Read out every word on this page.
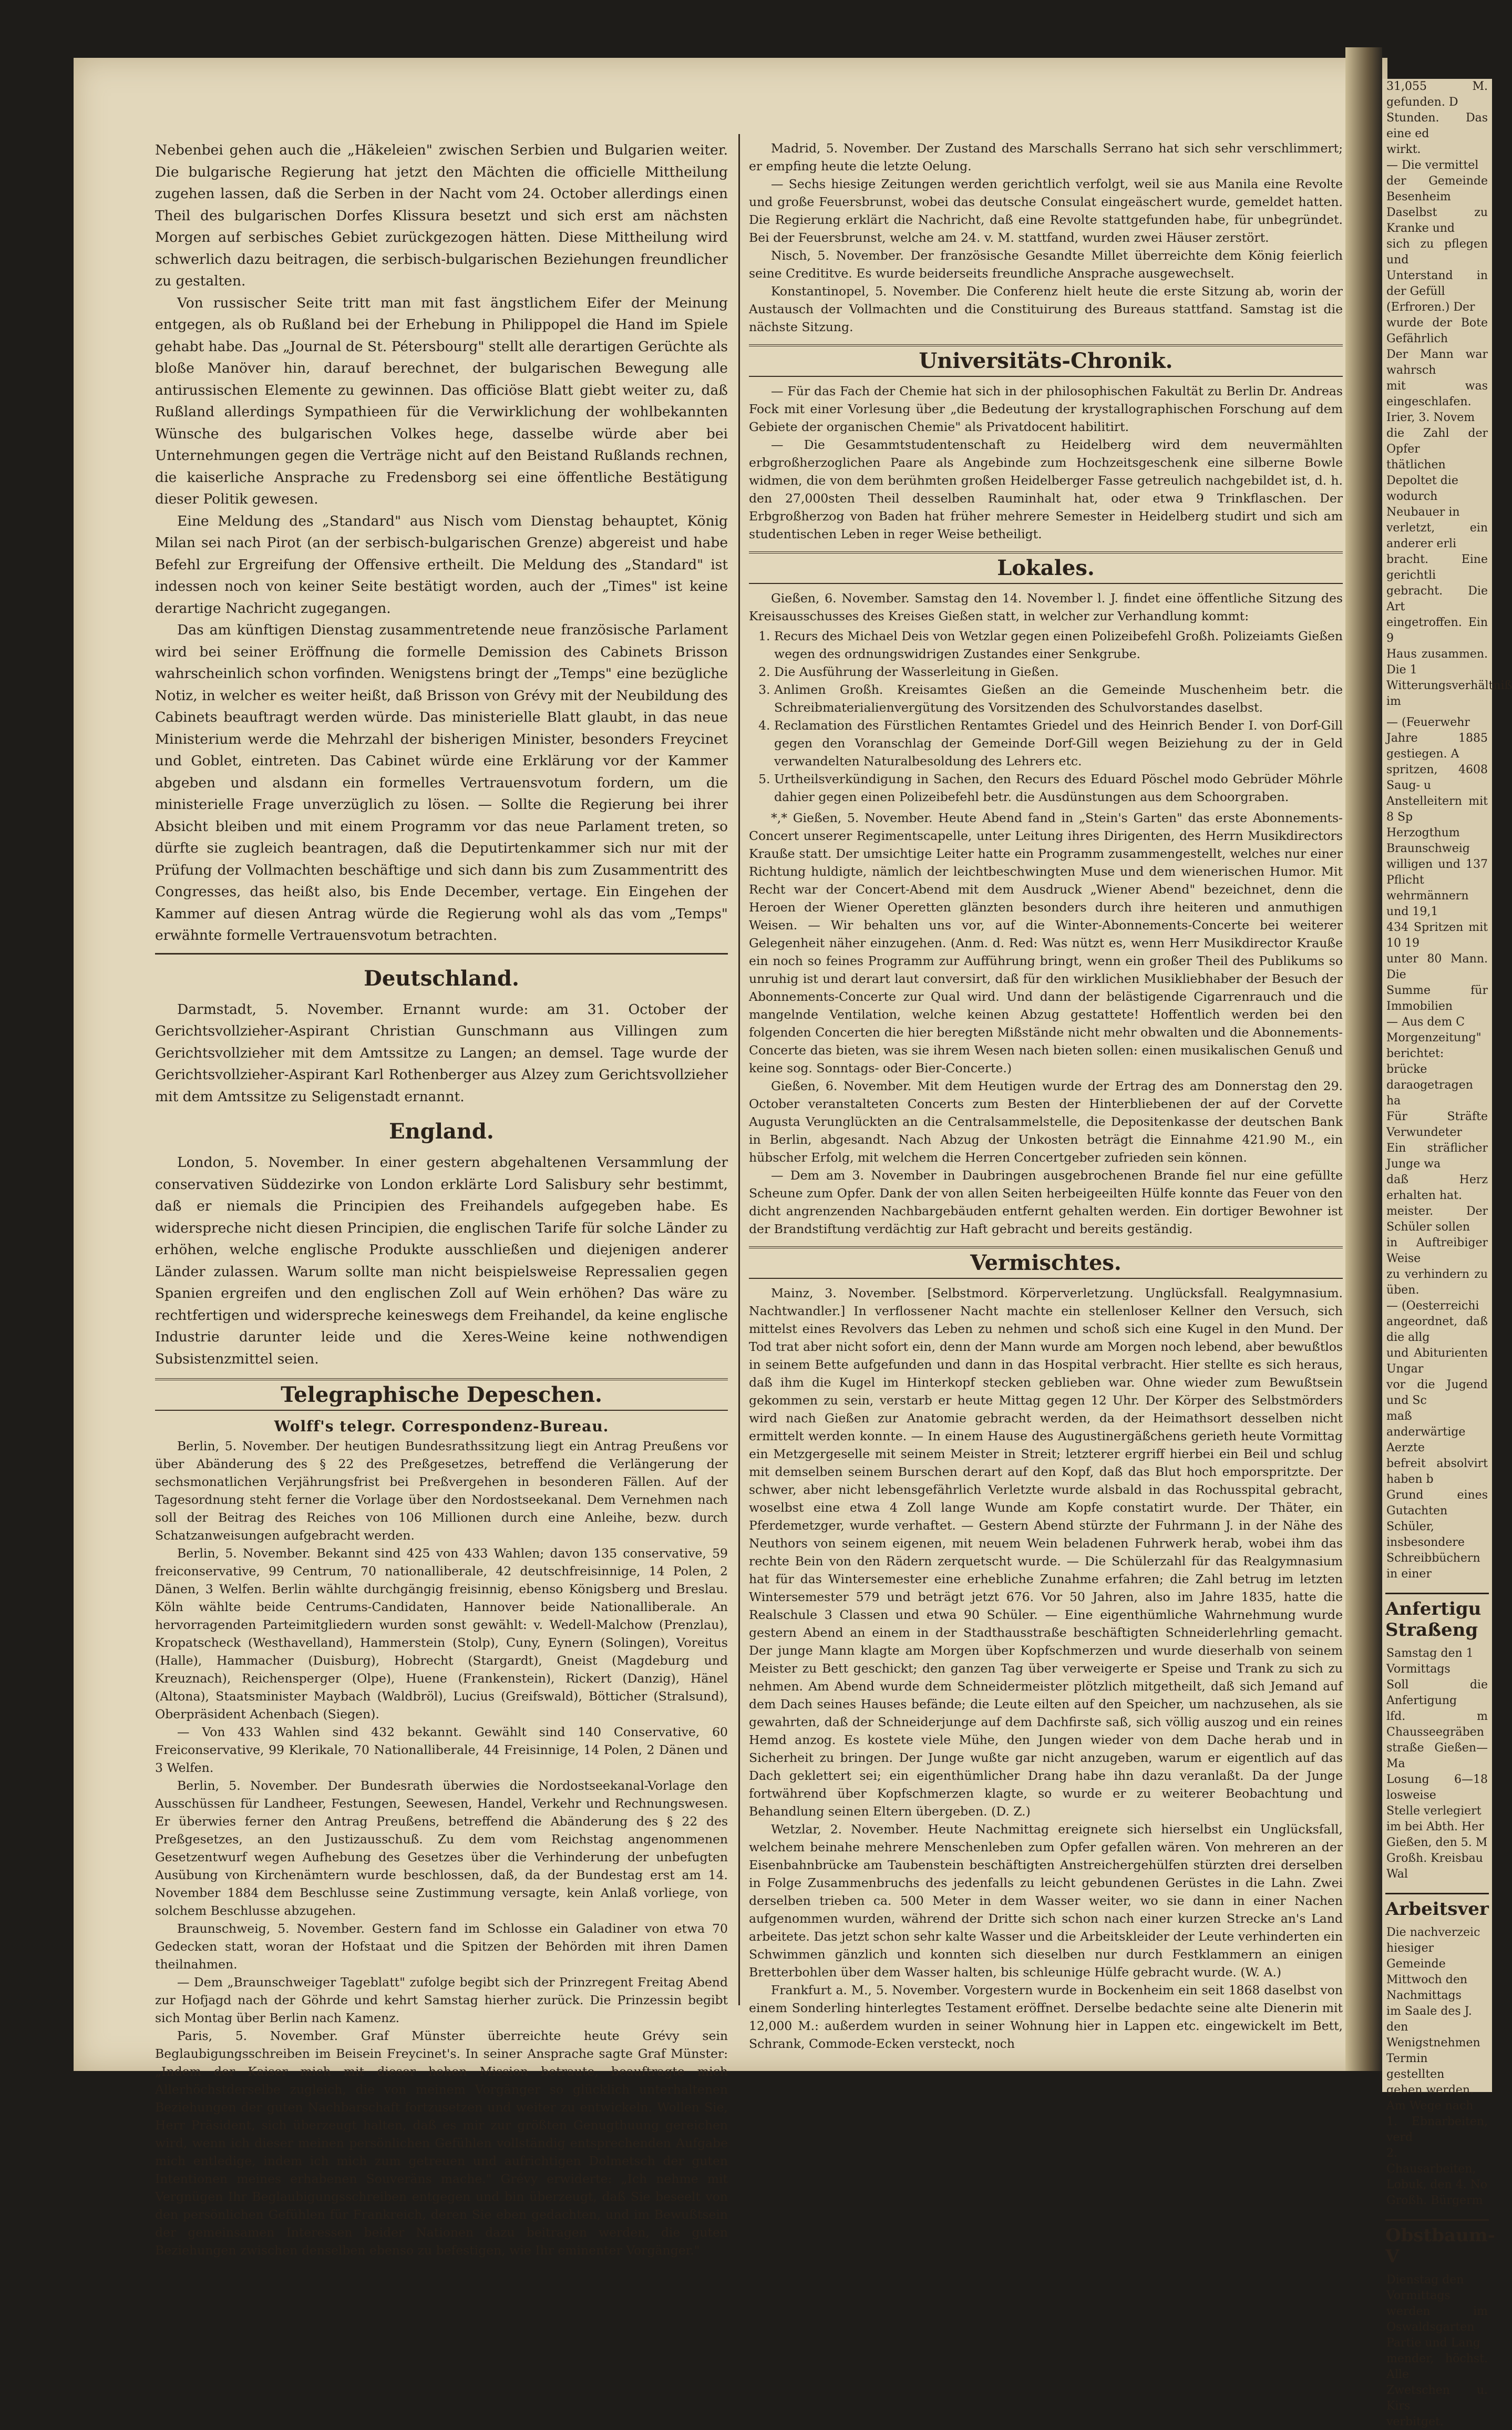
31,055 M. gefunden. D
Stunden. Das eine ed
wirkt.
— Die vermittel
der Gemeinde Besenheim
Daselbst zu Kranke und
sich zu pflegen und
Unterstand in der Gefüll
(Erfroren.) Der
wurde der Bote Gefährlich
Der Mann war wahrsch
mit was eingeschlafen.
Irier, 3. Novem
die Zahl der Opfer
thätlichen Depoltet die
wodurch Neubauer in
verletzt, ein anderer erli
bracht. Eine gerichtli
gebracht. Die Art
eingetroffen. Ein 9
Haus zusammen. Die 1
Witterungsverhältniß im

— (Feuerwehr
Jahre 1885 gestiegen. A
spritzen, 4608 Saug- u
Anstelleitern mit 8 Sp
Herzogthum Braunschweig
willigen und 137 Pflicht
wehrmännern und 19,1
434 Spritzen mit 10 19
unter 80 Mann. Die
Summe für Immobilien
— Aus dem C
Morgenzeitung" berichtet:
brücke daraogetragen ha
Für Sträfte Verwundeter
Ein sträflicher Junge wa
daß Herz erhalten hat.
meister. Der Schüler sollen
in Auftreibiger Weise
zu verhindern zu üben.
— (Oesterreichi
angeordnet, daß die allg
und Abiturienten Ungar
vor die Jugend und Sc
maß anderwärtige Aerzte
befreit absolvirt haben b
Grund eines Gutachten
Schüler, insbesondere
Schreibbüchern in einer

Anfertigu
Straßeng

Samstag den 1
Vormittags
Soll die Anfertigung
lfd. m Chausseegräben
straße Gießen—Ma
Losung 6—18 losweise
Stelle verlegiert
im bei Abth. Her
Gießen, den 5. M
Großh. Kreisbau
Wal

Arbeitsver

Die nachverzeic
hiesiger Gemeinde
Mittwoch den
Nachmittags
im Saale des J.
den Wenigstnehmen
Termin gestellten
gehen werden.
Am Wege nach
1. Ebnarbeiten, verd
2. Chausarbeiten,
Lobuk, den 4. No
Großh. Bürgerm

Obstbaum-V

Dienstag den
Vormittags
werden im Oswaldsgarten
Partie und Lang
mender, höchst. Alle
Zwetschen u. Kirs
verbitget.

Nebenbei gehen auch die „Häkeleien" zwischen Serbien und Bulgarien weiter. Die bulgarische Regierung hat jetzt den Mächten die officielle Mittheilung zugehen lassen, daß die Serben in der Nacht vom 24. October allerdings einen Theil des bulgarischen Dorfes Klissura besetzt und sich erst am nächsten Morgen auf serbisches Gebiet zurückgezogen hätten. Diese Mittheilung wird schwerlich dazu beitragen, die serbisch-bulgarischen Beziehungen freundlicher zu gestalten.

Von russischer Seite tritt man mit fast ängstlichem Eifer der Meinung entgegen, als ob Rußland bei der Erhebung in Philippopel die Hand im Spiele gehabt habe. Das „Journal de St. Pétersbourg" stellt alle derartigen Gerüchte als bloße Manöver hin, darauf berechnet, der bulgarischen Bewegung alle antirussischen Elemente zu gewinnen. Das officiöse Blatt giebt weiter zu, daß Rußland allerdings Sympathieen für die Verwirklichung der wohlbekannten Wünsche des bulgarischen Volkes hege, dasselbe würde aber bei Unternehmungen gegen die Verträge nicht auf den Beistand Rußlands rechnen, die kaiserliche Ansprache zu Fredensborg sei eine öffentliche Bestätigung dieser Politik gewesen.

Eine Meldung des „Standard" aus Nisch vom Dienstag behauptet, König Milan sei nach Pirot (an der serbisch-bulgarischen Grenze) abgereist und habe Befehl zur Ergreifung der Offensive ertheilt. Die Meldung des „Standard" ist indessen noch von keiner Seite bestätigt worden, auch der „Times" ist keine derartige Nachricht zugegangen.

Das am künftigen Dienstag zusammentretende neue französische Parlament wird bei seiner Eröffnung die formelle Demission des Cabinets Brisson wahrscheinlich schon vorfinden. Wenigstens bringt der „Temps" eine bezügliche Notiz, in welcher es weiter heißt, daß Brisson von Grévy mit der Neubildung des Cabinets beauftragt werden würde. Das ministerielle Blatt glaubt, in das neue Ministerium werde die Mehrzahl der bisherigen Minister, besonders Freycinet und Goblet, eintreten. Das Cabinet würde eine Erklärung vor der Kammer abgeben und alsdann ein formelles Vertrauensvotum fordern, um die ministerielle Frage unverzüglich zu lösen. — Sollte die Regierung bei ihrer Absicht bleiben und mit einem Programm vor das neue Parlament treten, so dürfte sie zugleich beantragen, daß die Deputirtenkammer sich nur mit der Prüfung der Vollmachten beschäftige und sich dann bis zum Zusammentritt des Congresses, das heißt also, bis Ende December, vertage. Ein Eingehen der Kammer auf diesen Antrag würde die Regierung wohl als das vom „Temps" erwähnte formelle Vertrauensvotum betrachten.

Deutschland.

Darmstadt, 5. November. Ernannt wurde: am 31. October der Gerichtsvollzieher-Aspirant Christian Gunschmann aus Villingen zum Gerichtsvollzieher mit dem Amtssitze zu Langen; an demsel. Tage wurde der Gerichtsvollzieher-Aspirant Karl Rothenberger aus Alzey zum Gerichtsvollzieher mit dem Amtssitze zu Seligenstadt ernannt.

England.

London, 5. November. In einer gestern abgehaltenen Versammlung der conservativen Süddezirke von London erklärte Lord Salisbury sehr bestimmt, daß er niemals die Principien des Freihandels aufgegeben habe. Es widerspreche nicht diesen Principien, die englischen Tarife für solche Länder zu erhöhen, welche englische Produkte ausschließen und diejenigen anderer Länder zulassen. Warum sollte man nicht beispielsweise Repressalien gegen Spanien ergreifen und den englischen Zoll auf Wein erhöhen? Das wäre zu rechtfertigen und widerspreche keineswegs dem Freihandel, da keine englische Industrie darunter leide und die Xeres-Weine keine nothwendigen Subsistenzmittel seien.

Telegraphische Depeschen.
Wolff's telegr. Correspondenz-Bureau.

Berlin, 5. November. Der heutigen Bundesrathssitzung liegt ein Antrag Preußens vor über Abänderung des § 22 des Preßgesetzes, betreffend die Verlängerung der sechsmonatlichen Verjährungsfrist bei Preßvergehen in besonderen Fällen. Auf der Tagesordnung steht ferner die Vorlage über den Nordostseekanal. Dem Vernehmen nach soll der Beitrag des Reiches von 106 Millionen durch eine Anleihe, bezw. durch Schatzanweisungen aufgebracht werden.

Berlin, 5. November. Bekannt sind 425 von 433 Wahlen; davon 135 conservative, 59 freiconservative, 99 Centrum, 70 nationalliberale, 42 deutschfreisinnige, 14 Polen, 2 Dänen, 3 Welfen. Berlin wählte durchgängig freisinnig, ebenso Königsberg und Breslau. Köln wählte beide Centrums-Candidaten, Hannover beide Nationalliberale. An hervorragenden Parteimitgliedern wurden sonst gewählt: v. Wedell-Malchow (Prenzlau), Kropatscheck (Westhavelland), Hammerstein (Stolp), Cuny, Eynern (Solingen), Voreitus (Halle), Hammacher (Duisburg), Hobrecht (Stargardt), Gneist (Magdeburg und Kreuznach), Reichensperger (Olpe), Huene (Frankenstein), Rickert (Danzig), Hänel (Altona), Staatsminister Maybach (Waldbröl), Lucius (Greifswald), Bötticher (Stralsund), Oberpräsident Achenbach (Siegen).

— Von 433 Wahlen sind 432 bekannt. Gewählt sind 140 Conservative, 60 Freiconservative, 99 Klerikale, 70 Nationalliberale, 44 Freisinnige, 14 Polen, 2 Dänen und 3 Welfen.

Berlin, 5. November. Der Bundesrath überwies die Nordostseekanal-Vorlage den Ausschüssen für Landheer, Festungen, Seewesen, Handel, Verkehr und Rechnungswesen. Er überwies ferner den Antrag Preußens, betreffend die Abänderung des § 22 des Preßgesetzes, an den Justizausschuß. Zu dem vom Reichstag angenommenen Gesetzentwurf wegen Aufhebung des Gesetzes über die Verhinderung der unbefugten Ausübung von Kirchenämtern wurde beschlossen, daß, da der Bundestag erst am 14. November 1884 dem Beschlusse seine Zustimmung versagte, kein Anlaß vorliege, von solchem Beschlusse abzugehen.

Braunschweig, 5. November. Gestern fand im Schlosse ein Galadiner von etwa 70 Gedecken statt, woran der Hofstaat und die Spitzen der Behörden mit ihren Damen theilnahmen.

— Dem „Braunschweiger Tageblatt" zufolge begibt sich der Prinzregent Freitag Abend zur Hofjagd nach der Göhrde und kehrt Samstag hierher zurück. Die Prinzessin begibt sich Montag über Berlin nach Kamenz.

Paris, 5. November. Graf Münster überreichte heute Grévy sein Beglaubigungsschreiben im Beisein Freycinet's. In seiner Ansprache sagte Graf Münster: „Indem der Kaiser mich mit dieser hohen Mission betraute, beauftragte mich Allerhöchstderselbe zugleich, die von meinem Vorgänger so glücklich unterhaltenen Beziehungen der guten Nachbarschaft fortzusetzen und weiter zu entwickeln. Wollen Sie, Herr Präsident, sich überzeugt halten, daß es mir zur größten Genugthuung gereichen wird, wenn ich dieser meinen persönlichen Gefühlen vollständig entsprechenden Aufgabe mich entledige, indem ich mich zum getreuen und aufrichtigen Dolmetsch der guten Intentionen meines erhabenen Souveräns mache." Grévy erwiderte: „Ich nehme mit Vergnügen Ihr Beglaubigungsschreiben entgegen und bin überzeugt, daß Sie beseelt von den persönlichen Gefühlen für Frankreich, deren Sie eben gedachten, und im Bewußtsein der gemeinsamen Interessen beider Nationen dazu beitragen werden, die guten Beziehungen zwischen denselben ebenso zu befestigen, wie Ihr eminenter Vorgänger."

Madrid, 5. November. Der Zustand des Marschalls Serrano hat sich sehr verschlimmert; er empfing heute die letzte Oelung.

— Sechs hiesige Zeitungen werden gerichtlich verfolgt, weil sie aus Manila eine Revolte und große Feuersbrunst, wobei das deutsche Consulat eingeäschert wurde, gemeldet hatten. Die Regierung erklärt die Nachricht, daß eine Revolte stattgefunden habe, für unbegründet. Bei der Feuersbrunst, welche am 24. v. M. stattfand, wurden zwei Häuser zerstört.

Nisch, 5. November. Der französische Gesandte Millet überreichte dem König feierlich seine Credititve. Es wurde beiderseits freundliche Ansprache ausgewechselt.

Konstantinopel, 5. November. Die Conferenz hielt heute die erste Sitzung ab, worin der Austausch der Vollmachten und die Constituirung des Bureaus stattfand. Samstag ist die nächste Sitzung.

Universitäts-Chronik.

— Für das Fach der Chemie hat sich in der philosophischen Fakultät zu Berlin Dr. Andreas Fock mit einer Vorlesung über „die Bedeutung der krystallographischen Forschung auf dem Gebiete der organischen Chemie" als Privatdocent habilitirt.

— Die Gesammtstudentenschaft zu Heidelberg wird dem neuvermählten erbgroßherzoglichen Paare als Angebinde zum Hochzeitsgeschenk eine silberne Bowle widmen, die von dem berühmten großen Heidelberger Fasse getreulich nachgebildet ist, d. h. den 27,000sten Theil desselben Rauminhalt hat, oder etwa 9 Trinkflaschen. Der Erbgroßherzog von Baden hat früher mehrere Semester in Heidelberg studirt und sich am studentischen Leben in reger Weise betheiligt.

Lokales.

Gießen, 6. November. Samstag den 14. November l. J. findet eine öffentliche Sitzung des Kreisausschusses des Kreises Gießen statt, in welcher zur Verhandlung kommt:

1. Recurs des Michael Deis von Wetzlar gegen einen Polizeibefehl Großh. Polizeiamts Gießen wegen des ordnungswidrigen Zustandes einer Senkgrube.
2. Die Ausführung der Wasserleitung in Gießen.
3. Anlimen Großh. Kreisamtes Gießen an die Gemeinde Muschenheim betr. die Schreibmaterialienvergütung des Vorsitzenden des Schulvorstandes daselbst.
4. Reclamation des Fürstlichen Rentamtes Griedel und des Heinrich Bender I. von Dorf-Gill gegen den Voranschlag der Gemeinde Dorf-Gill wegen Beiziehung zu der in Geld verwandelten Naturalbesoldung des Lehrers etc.
5. Urtheilsverkündigung in Sachen, den Recurs des Eduard Pöschel modo Gebrüder Möhrle dahier gegen einen Polizeibefehl betr. die Ausdünstungen aus dem Schoorgraben.

*,* Gießen, 5. November. Heute Abend fand in „Stein's Garten" das erste Abonnements-Concert unserer Regimentscapelle, unter Leitung ihres Dirigenten, des Herrn Musikdirectors Krauße statt. Der umsichtige Leiter hatte ein Programm zusammengestellt, welches nur einer Richtung huldigte, nämlich der leichtbeschwingten Muse und dem wienerischen Humor. Mit Recht war der Concert-Abend mit dem Ausdruck „Wiener Abend" bezeichnet, denn die Heroen der Wiener Operetten glänzten besonders durch ihre heiteren und anmuthigen Weisen. — Wir behalten uns vor, auf die Winter-Abonnements-Concerte bei weiterer Gelegenheit näher einzugehen. (Anm. d. Red: Was nützt es, wenn Herr Musikdirector Krauße ein noch so feines Programm zur Aufführung bringt, wenn ein großer Theil des Publikums so unruhig ist und derart laut conversirt, daß für den wirklichen Musikliebhaber der Besuch der Abonnements-Concerte zur Qual wird. Und dann der belästigende Cigarrenrauch und die mangelnde Ventilation, welche keinen Abzug gestattete! Hoffentlich werden bei den folgenden Concerten die hier beregten Mißstände nicht mehr obwalten und die Abonnements-Concerte das bieten, was sie ihrem Wesen nach bieten sollen: einen musikalischen Genuß und keine sog. Sonntags- oder Bier-Concerte.)

Gießen, 6. November. Mit dem Heutigen wurde der Ertrag des am Donnerstag den 29. October veranstalteten Concerts zum Besten der Hinterbliebenen der auf der Corvette Augusta Verunglückten an die Centralsammelstelle, die Depositenkasse der deutschen Bank in Berlin, abgesandt. Nach Abzug der Unkosten beträgt die Einnahme 421.90 M., ein hübscher Erfolg, mit welchem die Herren Concertgeber zufrieden sein können.

— Dem am 3. November in Daubringen ausgebrochenen Brande fiel nur eine gefüllte Scheune zum Opfer. Dank der von allen Seiten herbeigeeilten Hülfe konnte das Feuer von den dicht angrenzenden Nachbargebäuden entfernt gehalten werden. Ein dortiger Bewohner ist der Brandstiftung verdächtig zur Haft gebracht und bereits geständig.

Vermischtes.

Mainz, 3. November. [Selbstmord. Körperverletzung. Unglücksfall. Realgymnasium. Nachtwandler.] In verflossener Nacht machte ein stellenloser Kellner den Versuch, sich mittelst eines Revolvers das Leben zu nehmen und schoß sich eine Kugel in den Mund. Der Tod trat aber nicht sofort ein, denn der Mann wurde am Morgen noch lebend, aber bewußtlos in seinem Bette aufgefunden und dann in das Hospital verbracht. Hier stellte es sich heraus, daß ihm die Kugel im Hinterkopf stecken geblieben war. Ohne wieder zum Bewußtsein gekommen zu sein, verstarb er heute Mittag gegen 12 Uhr. Der Körper des Selbstmörders wird nach Gießen zur Anatomie gebracht werden, da der Heimathsort desselben nicht ermittelt werden konnte. — In einem Hause des Augustinergäßchens gerieth heute Vormittag ein Metzgergeselle mit seinem Meister in Streit; letzterer ergriff hierbei ein Beil und schlug mit demselben seinem Burschen derart auf den Kopf, daß das Blut hoch emporspritzte. Der schwer, aber nicht lebensgefährlich Verletzte wurde alsbald in das Rochusspital gebracht, woselbst eine etwa 4 Zoll lange Wunde am Kopfe constatirt wurde. Der Thäter, ein Pferdemetzger, wurde verhaftet. — Gestern Abend stürzte der Fuhrmann J. in der Nähe des Neuthors von seinem eigenen, mit neuem Wein beladenen Fuhrwerk herab, wobei ihm das rechte Bein von den Rädern zerquetscht wurde. — Die Schülerzahl für das Realgymnasium hat für das Wintersemester eine erhebliche Zunahme erfahren; die Zahl betrug im letzten Wintersemester 579 und beträgt jetzt 676. Vor 50 Jahren, also im Jahre 1835, hatte die Realschule 3 Classen und etwa 90 Schüler. — Eine eigenthümliche Wahrnehmung wurde gestern Abend an einem in der Stadthausstraße beschäftigten Schneiderlehrling gemacht. Der junge Mann klagte am Morgen über Kopfschmerzen und wurde dieserhalb von seinem Meister zu Bett geschickt; den ganzen Tag über verweigerte er Speise und Trank zu sich zu nehmen. Am Abend wurde dem Schneidermeister plötzlich mitgetheilt, daß sich Jemand auf dem Dach seines Hauses befände; die Leute eilten auf den Speicher, um nachzusehen, als sie gewahrten, daß der Schneiderjunge auf dem Dachfirste saß, sich völlig auszog und ein reines Hemd anzog. Es kostete viele Mühe, den Jungen wieder von dem Dache herab und in Sicherheit zu bringen. Der Junge wußte gar nicht anzugeben, warum er eigentlich auf das Dach geklettert sei; ein eigenthümlicher Drang habe ihn dazu veranlaßt. Da der Junge fortwährend über Kopfschmerzen klagte, so wurde er zu weiterer Beobachtung und Behandlung seinen Eltern übergeben. (D. Z.)

Wetzlar, 2. November. Heute Nachmittag ereignete sich hierselbst ein Unglücksfall, welchem beinahe mehrere Menschenleben zum Opfer gefallen wären. Von mehreren an der Eisenbahnbrücke am Taubenstein beschäftigten Anstreichergehülfen stürzten drei derselben in Folge Zusammenbruchs des jedenfalls zu leicht gebundenen Gerüstes in die Lahn. Zwei derselben trieben ca. 500 Meter in dem Wasser weiter, wo sie dann in einer Nachen aufgenommen wurden, während der Dritte sich schon nach einer kurzen Strecke an's Land arbeitete. Das jetzt schon sehr kalte Wasser und die Arbeitskleider der Leute verhinderten ein Schwimmen gänzlich und konnten sich dieselben nur durch Festklammern an einigen Bretterbohlen über dem Wasser halten, bis schleunige Hülfe gebracht wurde. (W. A.)

Frankfurt a. M., 5. November. Vorgestern wurde in Bockenheim ein seit 1868 daselbst von einem Sonderling hinterlegtes Testament eröffnet. Derselbe bedachte seine alte Dienerin mit 12,000 M.: außerdem wurden in seiner Wohnung hier in Lappen etc. eingewickelt im Bett, Schrank, Commode-Ecken versteckt, noch
